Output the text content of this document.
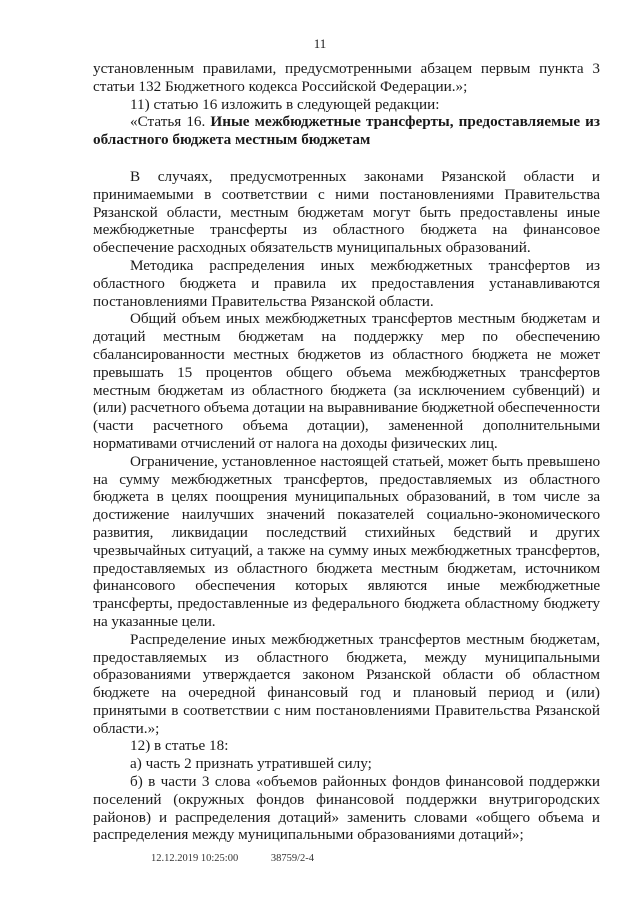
11

установленным правилами, предусмотренными абзацем первым пункта 3 статьи 132 Бюджетного кодекса Российской Федерации.»;

11) статью 16 изложить в следующей редакции:

«Статья 16. Иные межбюджетные трансферты, предоставляемые из областного бюджета местным бюджетам

В случаях, предусмотренных законами Рязанской области и принимаемыми в соответствии с ними постановлениями Правительства Рязанской области, местным бюджетам могут быть предоставлены иные межбюджетные трансферты из областного бюджета на финансовое обеспечение расходных обязательств муниципальных образований.

Методика распределения иных межбюджетных трансфертов из областного бюджета и правила их предоставления устанавливаются постановлениями Правительства Рязанской области.

Общий объем иных межбюджетных трансфертов местным бюджетам и дотаций местным бюджетам на поддержку мер по обеспечению сбалансированности местных бюджетов из областного бюджета не может превышать 15 процентов общего объема межбюджетных трансфертов местным бюджетам из областного бюджета (за исключением субвенций) и (или) расчетного объема дотации на выравнивание бюджетной обеспеченности (части расчетного объема дотации), замененной дополнительными нормативами отчислений от налога на доходы физических лиц.

Ограничение, установленное настоящей статьей, может быть превышено на сумму межбюджетных трансфертов, предоставляемых из областного бюджета в целях поощрения муниципальных образований, в том числе за достижение наилучших значений показателей социально-экономического развития, ликвидации последствий стихийных бедствий и других чрезвычайных ситуаций, а также на сумму иных межбюджетных трансфертов, предоставляемых из областного бюджета местным бюджетам, источником финансового обеспечения которых являются иные межбюджетные трансферты, предоставленные из федерального бюджета областному бюджету на указанные цели.

Распределение иных межбюджетных трансфертов местным бюджетам, предоставляемых из областного бюджета, между муниципальными образованиями утверждается законом Рязанской области об областном бюджете на очередной финансовый год и плановый период и (или) принятыми в соответствии с ним постановлениями Правительства Рязанской области.»;

12) в статье 18:

а) часть 2 признать утратившей силу;

б) в части 3 слова «объемов районных фондов финансовой поддержки поселений (окружных фондов финансовой поддержки внутригородских районов) и распределения дотаций» заменить словами «общего объема и распределения между муниципальными образованиями дотаций»;

12.12.2019 10:25:00	38759/2-4
